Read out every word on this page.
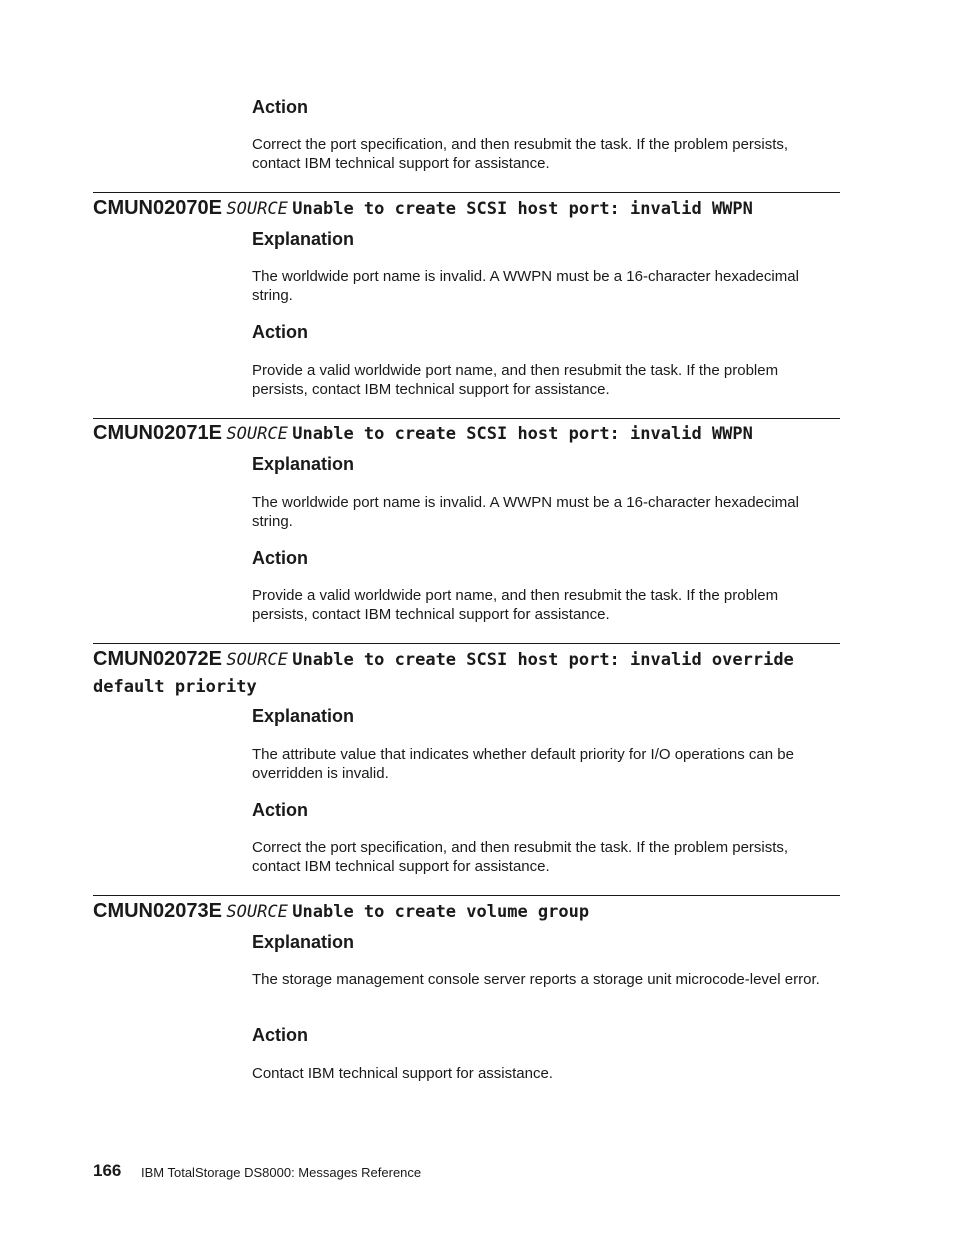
Action
Correct the port specification, and then resubmit the task. If the problem persists, contact IBM technical support for assistance.
CMUN02070E SOURCE Unable to create SCSI host port: invalid WWPN
Explanation
The worldwide port name is invalid. A WWPN must be a 16-character hexadecimal string.
Action
Provide a valid worldwide port name, and then resubmit the task. If the problem persists, contact IBM technical support for assistance.
CMUN02071E SOURCE Unable to create SCSI host port: invalid WWPN
Explanation
The worldwide port name is invalid. A WWPN must be a 16-character hexadecimal string.
Action
Provide a valid worldwide port name, and then resubmit the task. If the problem persists, contact IBM technical support for assistance.
CMUN02072E SOURCE Unable to create SCSI host port: invalid override default priority
Explanation
The attribute value that indicates whether default priority for I/O operations can be overridden is invalid.
Action
Correct the port specification, and then resubmit the task. If the problem persists, contact IBM technical support for assistance.
CMUN02073E SOURCE Unable to create volume group
Explanation
The storage management console server reports a storage unit microcode-level error.
Action
Contact IBM technical support for assistance.
166 IBM TotalStorage DS8000: Messages Reference
